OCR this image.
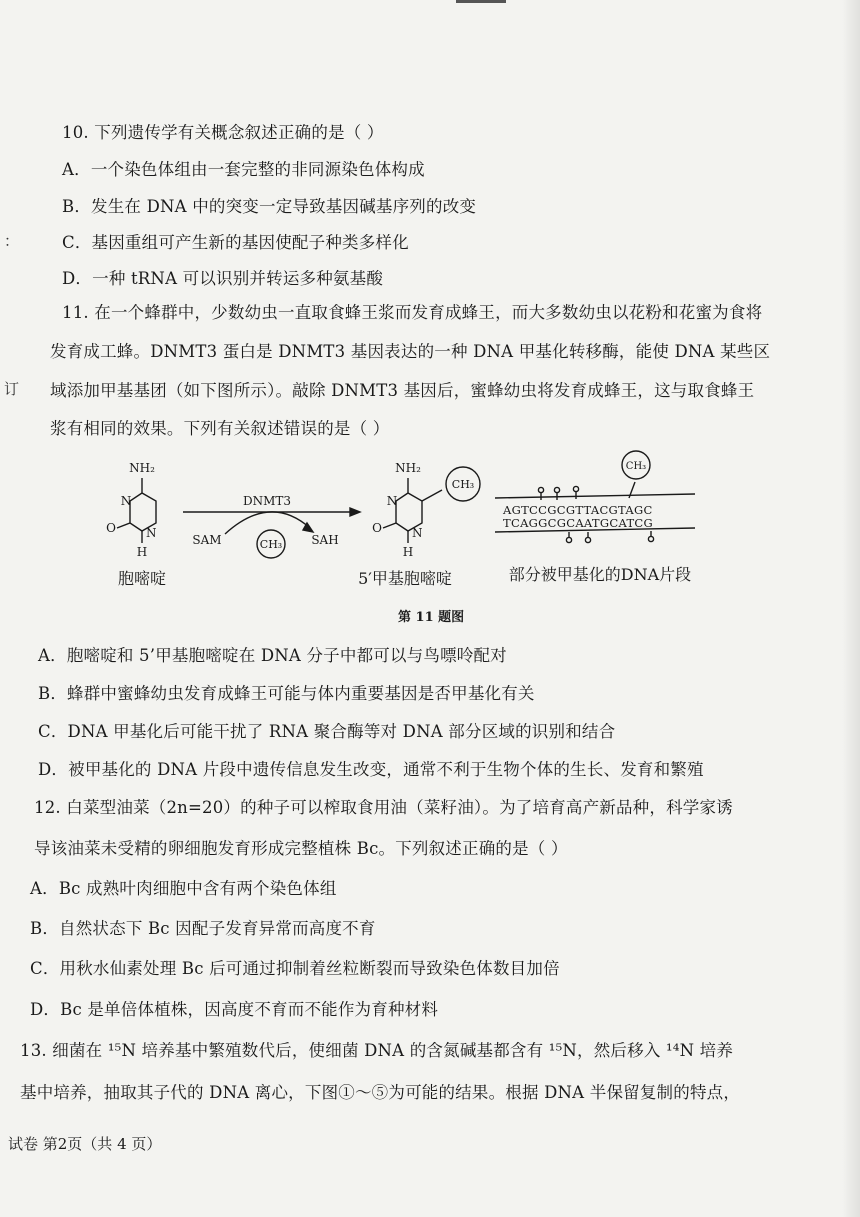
：
订
10. 下列遗传学有关概念叙述正确的是（ ）
A．一个染色体组由一套完整的非同源染色体构成
B．发生在 DNA 中的突变一定导致基因碱基序列的改变
C．基因重组可产生新的基因使配子种类多样化
D．一种 tRNA 可以识别并转运多种氨基酸
11. 在一个蜂群中，少数幼虫一直取食蜂王浆而发育成蜂王，而大多数幼虫以花粉和花蜜为食将
发育成工蜂。DNMT3 蛋白是 DNMT3 基因表达的一种 DNA 甲基化转移酶，能使 DNA 某些区
域添加甲基基团（如下图所示）。敲除 DNMT3 基因后，蜜蜂幼虫将发育成蜂王，这与取食蜂王
浆有相同的效果。下列有关叙述错误的是（ ）
NH₂
N
O	N
H
DNMT3
SAM	SAH
CH₃
NH₂
N
O	N
H
CH₃
CH₃
AGTCCGCGTTACGTAGC
TCAGGCGCAATGCATCG
胞嘧啶	5′甲基胞嘧啶	部分被甲基化的DNA片段
第 11 题图
A．胞嘧啶和 5’甲基胞嘧啶在 DNA 分子中都可以与鸟嘌呤配对
B．蜂群中蜜蜂幼虫发育成蜂王可能与体内重要基因是否甲基化有关
C．DNA 甲基化后可能干扰了 RNA 聚合酶等对 DNA 部分区域的识别和结合
D．被甲基化的 DNA 片段中遗传信息发生改变，通常不利于生物个体的生长、发育和繁殖
12. 白菜型油菜（2n=20）的种子可以榨取食用油（菜籽油）。为了培育高产新品种，科学家诱
导该油菜未受精的卵细胞发育形成完整植株 Bc。下列叙述正确的是（ ）
A．Bc 成熟叶肉细胞中含有两个染色体组
B．自然状态下 Bc 因配子发育异常而高度不育
C．用秋水仙素处理 Bc 后可通过抑制着丝粒断裂而导致染色体数目加倍
D．Bc 是单倍体植株，因高度不育而不能作为育种材料
13. 细菌在 ¹⁵N 培养基中繁殖数代后，使细菌 DNA 的含氮碱基都含有 ¹⁵N，然后移入 ¹⁴N 培养
基中培养，抽取其子代的 DNA 离心，下图①～⑤为可能的结果。根据 DNA 半保留复制的特点，
试卷 第2页（共 4 页）
